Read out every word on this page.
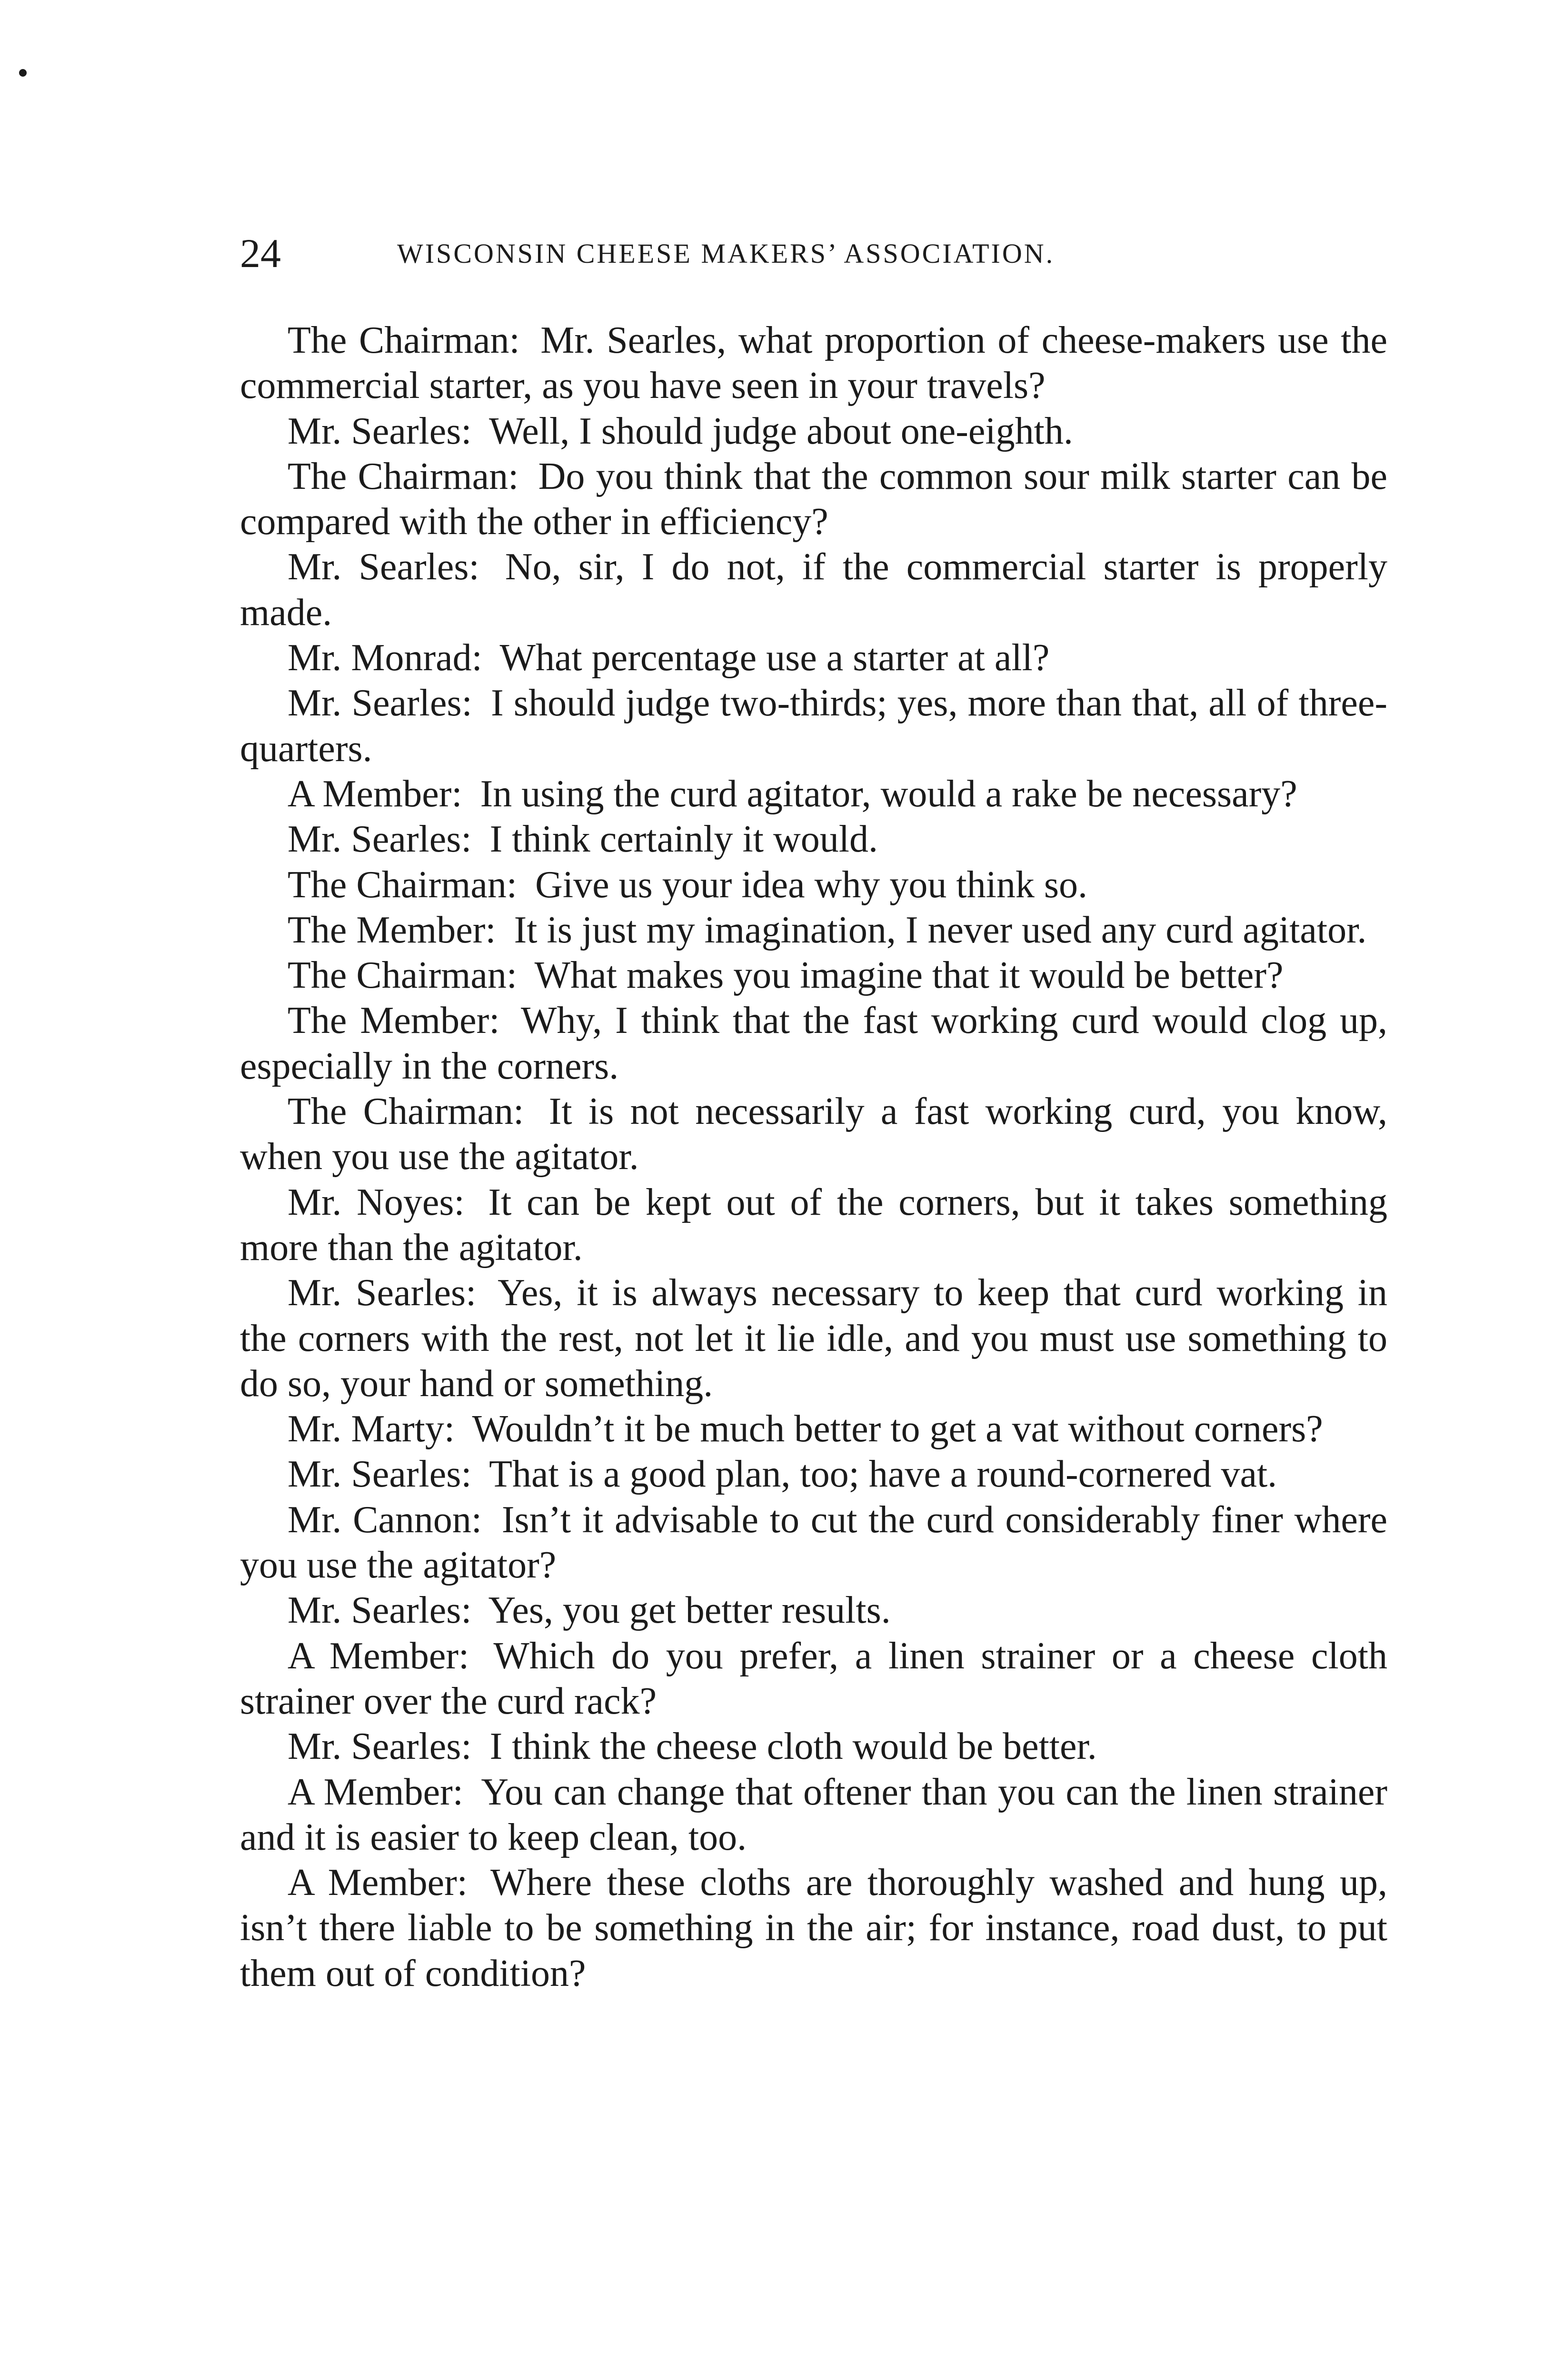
24	WISCONSIN CHEESE MAKERS’ ASSOCIATION.

The Chairman: Mr. Searles, what proportion of cheese-makers use the commercial starter, as you have seen in your travels?

Mr. Searles: Well, I should judge about one-eighth.

The Chairman: Do you think that the common sour milk starter can be compared with the other in efficiency?

Mr. Searles: No, sir, I do not, if the commercial starter is properly made.

Mr. Monrad: What percentage use a starter at all?

Mr. Searles: I should judge two-thirds; yes, more than that, all of three-quarters.

A Member: In using the curd agitator, would a rake be necessary?

Mr. Searles: I think certainly it would.

The Chairman: Give us your idea why you think so.

The Member: It is just my imagination, I never used any curd agitator.

The Chairman: What makes you imagine that it would be better?

The Member: Why, I think that the fast working curd would clog up, especially in the corners.

The Chairman: It is not necessarily a fast working curd, you know, when you use the agitator.

Mr. Noyes: It can be kept out of the corners, but it takes something more than the agitator.

Mr. Searles: Yes, it is always necessary to keep that curd working in the corners with the rest, not let it lie idle, and you must use something to do so, your hand or something.

Mr. Marty: Wouldn’t it be much better to get a vat without corners?

Mr. Searles: That is a good plan, too; have a round-cornered vat.

Mr. Cannon: Isn’t it advisable to cut the curd considerably finer where you use the agitator?

Mr. Searles: Yes, you get better results.

A Member: Which do you prefer, a linen strainer or a cheese cloth strainer over the curd rack?

Mr. Searles: I think the cheese cloth would be better.

A Member: You can change that oftener than you can the linen strainer and it is easier to keep clean, too.

A Member: Where these cloths are thoroughly washed and hung up, isn’t there liable to be something in the air; for instance, road dust, to put them out of condition?
